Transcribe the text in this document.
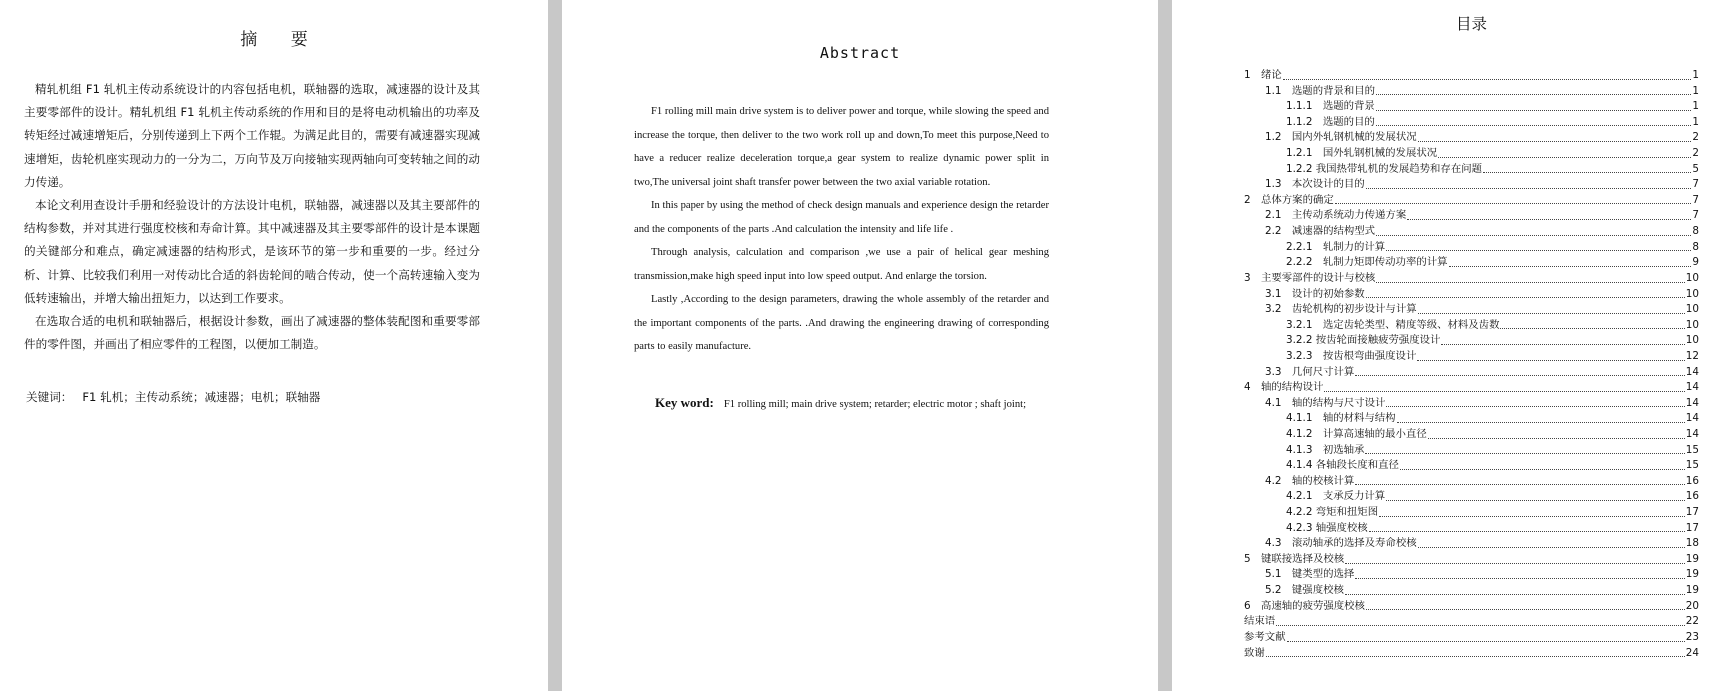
摘 要

精轧机组 F1 轧机主传动系统设计的内容包括电机，联轴器的选取，减速器的设计及其主要零部件的设计。精轧机组 F1 轧机主传动系统的作用和目的是将电动机输出的功率及转矩经过减速增矩后，分别传递到上下两个工作辊。为满足此目的，需要有减速器实现减速增矩，齿轮机座实现动力的一分为二，万向节及万向接轴实现两轴向可变转轴之间的动力传递。

本论文利用查设计手册和经验设计的方法设计电机，联轴器，减速器以及其主要部件的结构参数，并对其进行强度校核和寿命计算。其中减速器及其主要零部件的设计是本课题的关键部分和难点，确定减速器的结构形式，是该环节的第一步和重要的一步。经过分析、计算、比较我们利用一对传动比合适的斜齿轮间的啮合传动，使一个高转速输入变为低转速输出，并增大输出扭矩力，以达到工作要求。

在选取合适的电机和联轴器后，根据设计参数，画出了减速器的整体装配图和重要零部件的零件图，并画出了相应零件的工程图，以便加工制造。

关键词： F1 轧机；主传动系统；减速器；电机；联轴器
Abstract

F1 rolling mill main drive system is to deliver power and torque, while slowing the speed and increase the torque, then deliver to the two work roll up and down,To meet this purpose,Need to have a reducer realize deceleration torque,a gear system to realize dynamic power split in two,The universal joint shaft transfer power between the two axial variable rotation.

In this paper by using the method of check design manuals and experience design the retarder and the components of the parts .And calculation the intensity and life life .

Through analysis, calculation and comparison ,we use a pair of helical gear meshing transmission,make high speed input into low speed output. And enlarge the torsion.

Lastly ,According to the design parameters, drawing the whole assembly of the retarder and the important components of the parts. .And drawing the engineering drawing of corresponding parts to easily manufacture.

Key word: F1 rolling mill; main drive system; retarder; electric motor ; shaft joint;
目录
1　绪论	1
1.1　选题的背景和目的	1
1.1.1　选题的背景	1
1.1.2　选题的目的	1
1.2　国内外轧钢机械的发展状况	2
1.2.1　国外轧钢机械的发展状况	2
1.2.2 我国热带轧机的发展趋势和存在问题	5
1.3　本次设计的目的	7
2　总体方案的确定	7
2.1　主传动系统动力传递方案	7
2.2　减速器的结构型式	8
2.2.1　轧制力的计算	8
2.2.2　轧制力矩即传动功率的计算	9
3　主要零部件的设计与校核	10
3.1　设计的初始参数	10
3.2　齿轮机构的初步设计与计算	10
3.2.1　选定齿轮类型、精度等级、材料及齿数	10
3.2.2 按齿轮面接触疲劳强度设计	10
3.2.3　按齿根弯曲强度设计	12
3.3　几何尺寸计算	14
4　轴的结构设计	14
4.1　轴的结构与尺寸设计	14
4.1.1　轴的材料与结构	14
4.1.2　计算高速轴的最小直径	14
4.1.3　初选轴承	15
4.1.4 各轴段长度和直径	15
4.2　轴的校核计算	16
4.2.1　支承反力计算	16
4.2.2 弯矩和扭矩图	17
4.2.3 轴强度校核	17
4.3　滚动轴承的选择及寿命校核	18
5　键联接选择及校核	19
5.1　键类型的选择	19
5.2　键强度校核	19
6　高速轴的疲劳强度校核	20
结束语	22
参考文献	23
致谢	24
